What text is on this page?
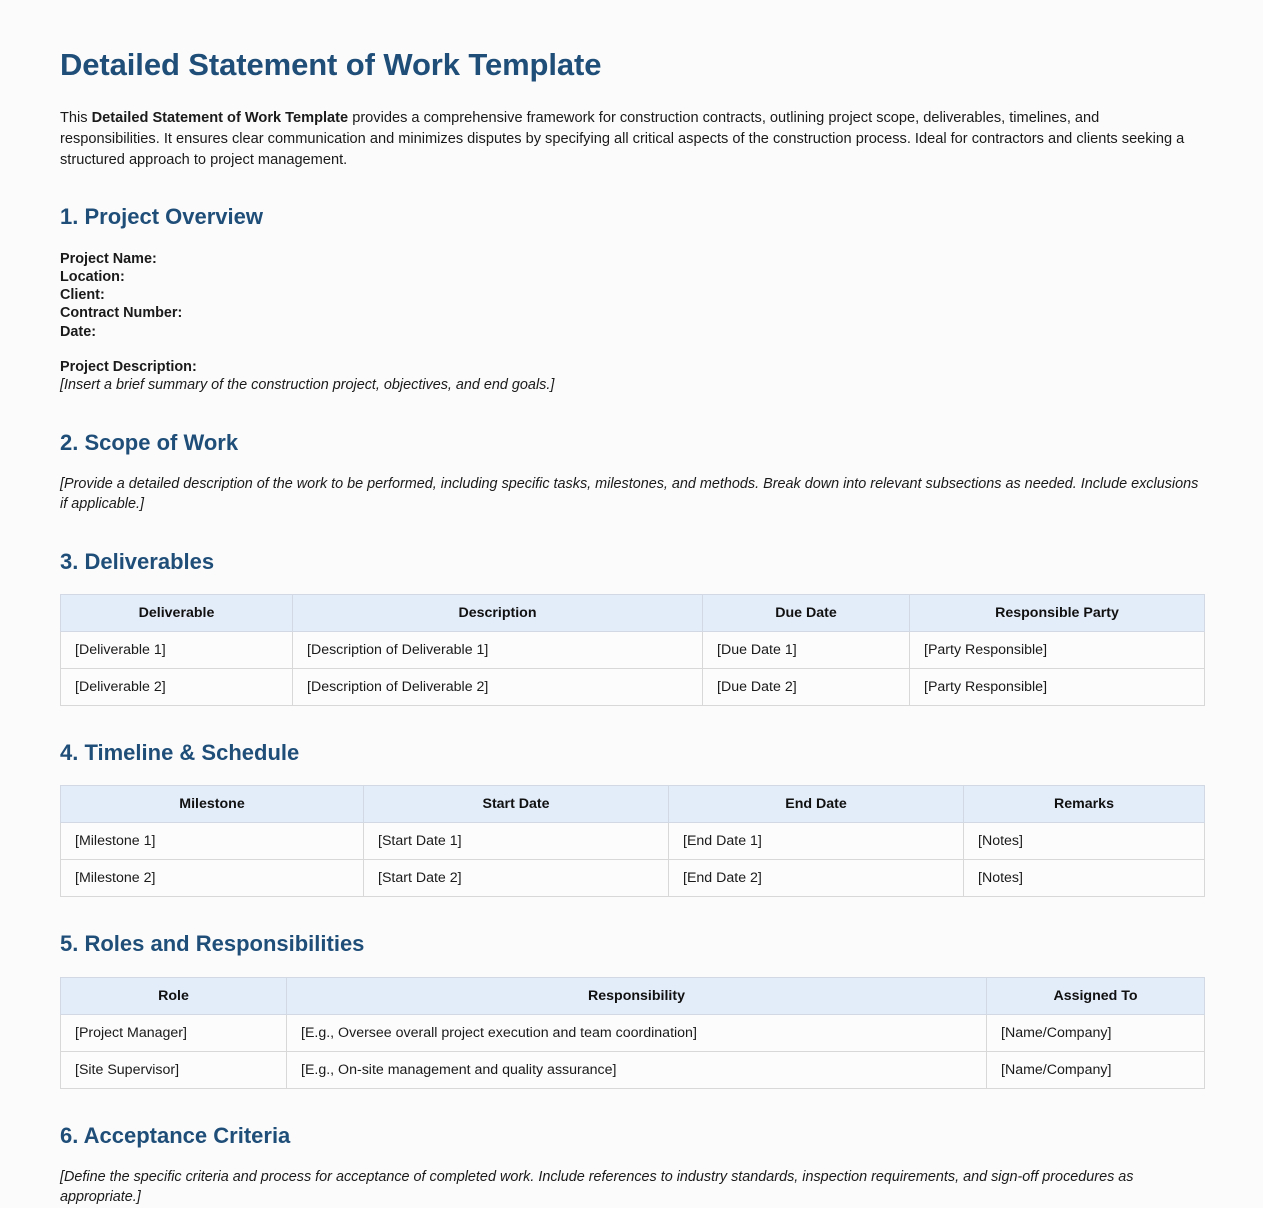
Detailed Statement of Work Template

This Detailed Statement of Work Template provides a comprehensive framework for construction contracts, outlining project scope, deliverables, timelines, and responsibilities. It ensures clear communication and minimizes disputes by specifying all critical aspects of the construction process. Ideal for contractors and clients seeking a structured approach to project management.

1. Project Overview
Project Name:
Location:
Client:
Contract Number:
Date:
Project Description:

[Insert a brief summary of the construction project, objectives, and end goals.]

2. Scope of Work

[Provide a detailed description of the work to be performed, including specific tasks, milestones, and methods. Break down into relevant subsections as needed. Include exclusions if applicable.]

3. Deliverables
Deliverable	Description	Due Date	Responsible Party
[Deliverable 1]	[Description of Deliverable 1]	[Due Date 1]	[Party Responsible]
[Deliverable 2]	[Description of Deliverable 2]	[Due Date 2]	[Party Responsible]
4. Timeline & Schedule
Milestone	Start Date	End Date	Remarks
[Milestone 1]	[Start Date 1]	[End Date 1]	[Notes]
[Milestone 2]	[Start Date 2]	[End Date 2]	[Notes]
5. Roles and Responsibilities
Role	Responsibility	Assigned To
[Project Manager]	[E.g., Oversee overall project execution and team coordination]	[Name/Company]
[Site Supervisor]	[E.g., On-site management and quality assurance]	[Name/Company]
6. Acceptance Criteria

[Define the specific criteria and process for acceptance of completed work. Include references to industry standards, inspection requirements, and sign-off procedures as appropriate.]
